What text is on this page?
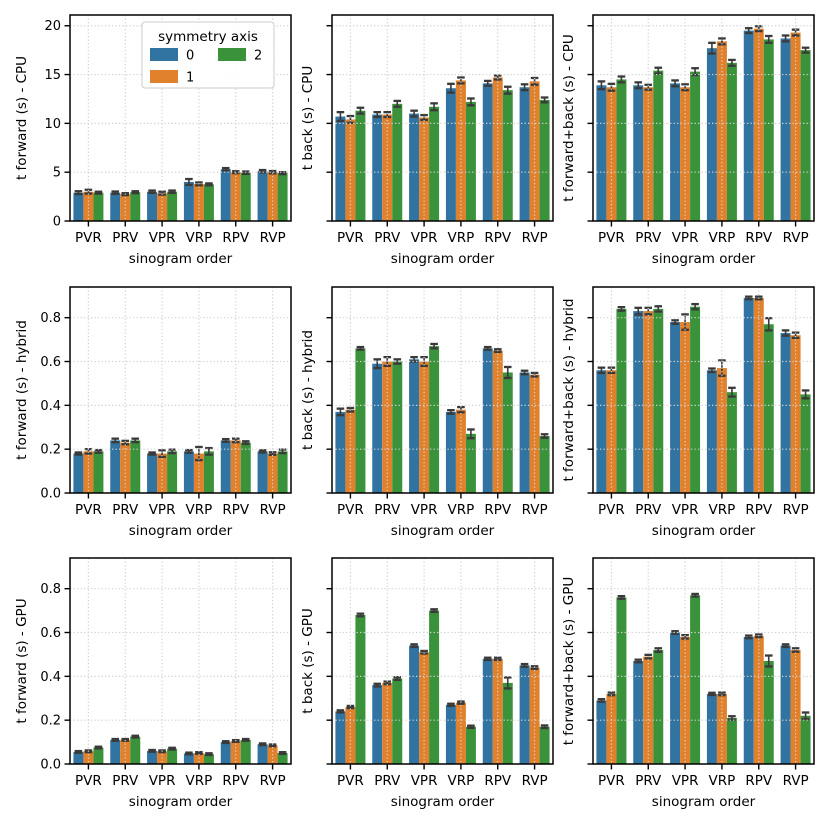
0
5
10
15
20
PVR PRV VPR VRP RPV RVP
sinogram order
t forward (s) - CPU
PVR PRV VPR VRP RPV RVP
sinogram order
t back (s) - CPU
PVR PRV VPR VRP RPV RVP
sinogram order
t forward+back (s) - CPU
0.0
0.2
0.4
0.6
0.8
PVR PRV VPR VRP RPV RVP
sinogram order
t forward (s) - hybrid
PVR PRV VPR VRP RPV RVP
sinogram order
t back (s) - hybrid
PVR PRV VPR VRP RPV RVP
sinogram order
t forward+back (s) - hybrid
0.0
0.2
0.4
0.6
0.8
PVR PRV VPR VRP RPV RVP
sinogram order
t forward (s) - GPU
PVR PRV VPR VRP RPV RVP
sinogram order
t back (s) - GPU
PVR PRV VPR VRP RPV RVP
sinogram order
t forward+back (s) - GPU
symmetry axis
0
1
2
